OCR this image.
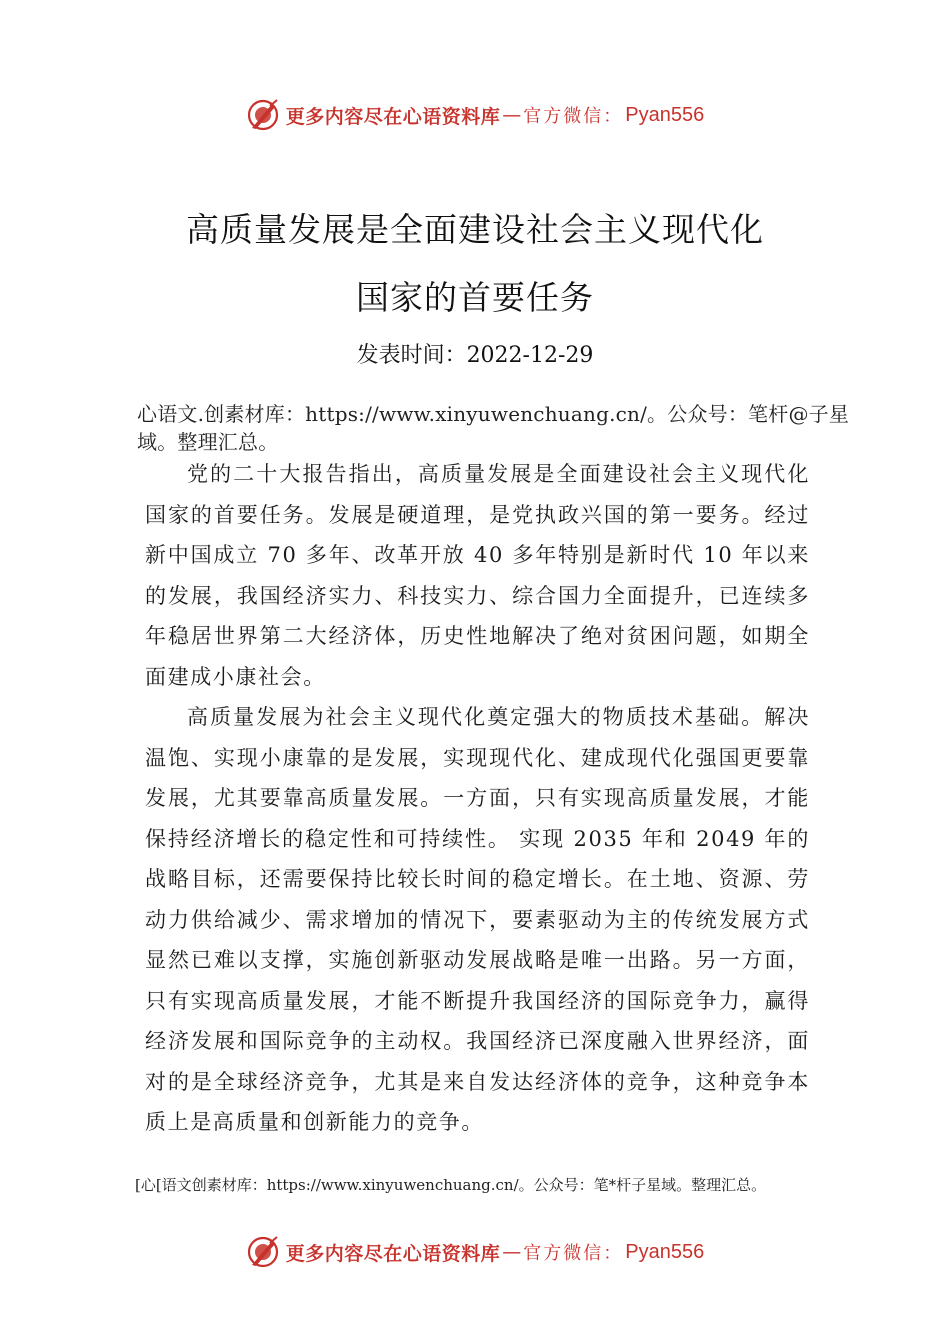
更多内容尽在心语资料库 — 官方微信： Pyan556
高质量发展是全面建设社会主义现代化
国家的首要任务
发表时间：2022-12-29
心语文.创素材库：https://www.xinyuwenchuang.cn/。公众号：笔杆@子星域。整理汇总。

党的二十大报告指出，高质量发展是全面建设社会主义现代化国家的首要任务。发展是硬道理，是党执政兴国的第一要务。经过新中国成立 70 多年、改革开放 40 多年特别是新时代 10 年以来的发展，我国经济实力、科技实力、综合国力全面提升，已连续多年稳居世界第二大经济体，历史性地解决了绝对贫困问题，如期全面建成小康社会。

高质量发展为社会主义现代化奠定强大的物质技术基础。解决温饱、实现小康靠的是发展，实现现代化、建成现代化强国更要靠发展，尤其要靠高质量发展。一方面，只有实现高质量发展，才能保持经济增长的稳定性和可持续性。 实现 2035 年和 2049 年的战略目标，还需要保持比较长时间的稳定增长。在土地、资源、劳动力供给减少、需求增加的情况下，要素驱动为主的传统发展方式显然已难以支撑，实施创新驱动发展战略是唯一出路。另一方面，只有实现高质量发展，才能不断提升我国经济的国际竞争力，赢得经济发展和国际竞争的主动权。我国经济已深度融入世界经济，面对的是全球经济竞争，尤其是来自发达经济体的竞争，这种竞争本质上是高质量和创新能力的竞争。

[心[语文创素材库：https://www.xinyuwenchuang.cn/。公众号：笔*杆子星域。整理汇总。
更多内容尽在心语资料库 — 官方微信： Pyan556
